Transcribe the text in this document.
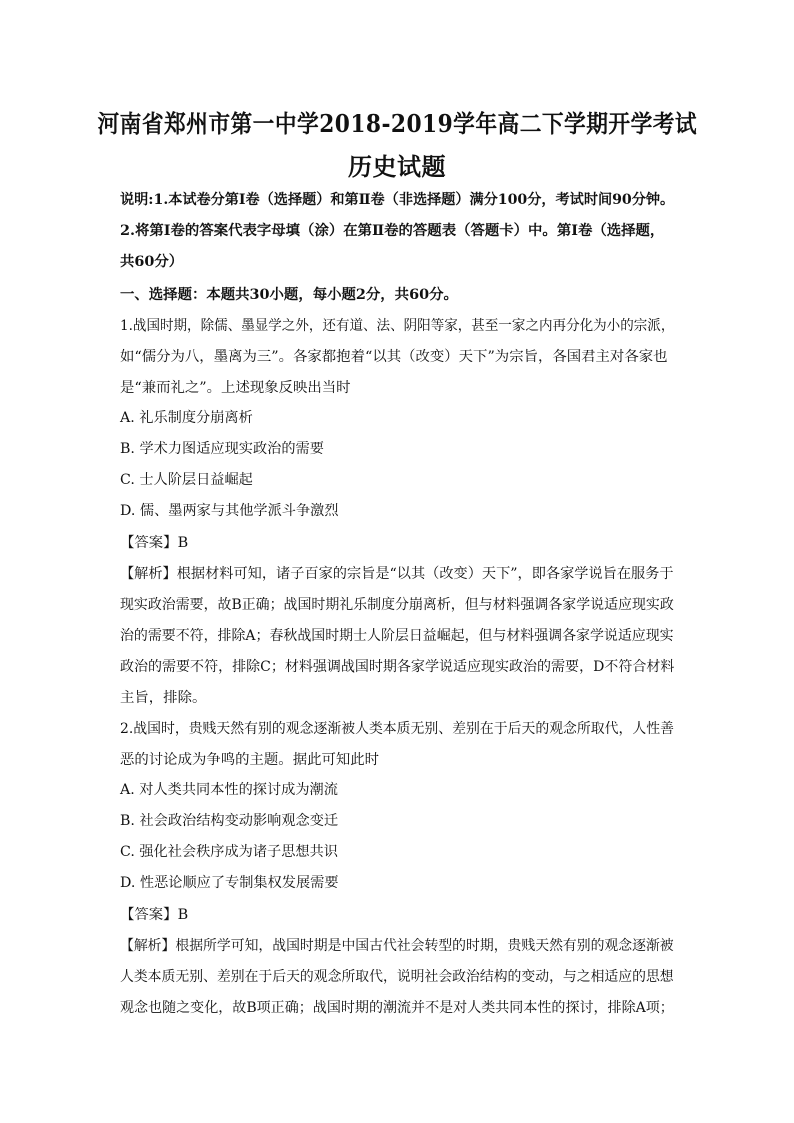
河南省郑州市第一中学2018-2019学年高二下学期开学考试
历史试题
说明:1.本试卷分第Ⅰ卷（选择题）和第Ⅱ卷（非选择题）满分100分，考试时间90分钟。
2.将第Ⅰ卷的答案代表字母填（涂）在第Ⅱ卷的答题表（答题卡）中。第Ⅰ卷（选择题，
共60分）
一、选择题：本题共30小题，每小题2分，共60分。
1.战国时期，除儒、墨显学之外，还有道、法、阴阳等家，甚至一家之内再分化为小的宗派，
如“儒分为八，墨离为三”。各家都抱着“以其（改变）天下”为宗旨，各国君主对各家也
是“兼而礼之”。上述现象反映出当时
A. 礼乐制度分崩离析
B. 学术力图适应现实政治的需要
C. 士人阶层日益崛起
D. 儒、墨两家与其他学派斗争激烈
【答案】B
【解析】根据材料可知，诸子百家的宗旨是“以其（改变）天下”，即各家学说旨在服务于
现实政治需要，故B正确；战国时期礼乐制度分崩离析，但与材料强调各家学说适应现实政
治的需要不符，排除A；春秋战国时期士人阶层日益崛起，但与材料强调各家学说适应现实
政治的需要不符，排除C；材料强调战国时期各家学说适应现实政治的需要，D不符合材料
主旨，排除。
2.战国时，贵贱天然有别的观念逐渐被人类本质无别、差别在于后天的观念所取代，人性善
恶的讨论成为争鸣的主题。据此可知此时
A. 对人类共同本性的探讨成为潮流
B. 社会政治结构变动影响观念变迁
C. 强化社会秩序成为诸子思想共识
D. 性恶论顺应了专制集权发展需要
【答案】B
【解析】根据所学可知，战国时期是中国古代社会转型的时期，贵贱天然有别的观念逐渐被
人类本质无别、差别在于后天的观念所取代，说明社会政治结构的变动，与之相适应的思想
观念也随之变化，故B项正确；战国时期的潮流并不是对人类共同本性的探讨，排除A项；
